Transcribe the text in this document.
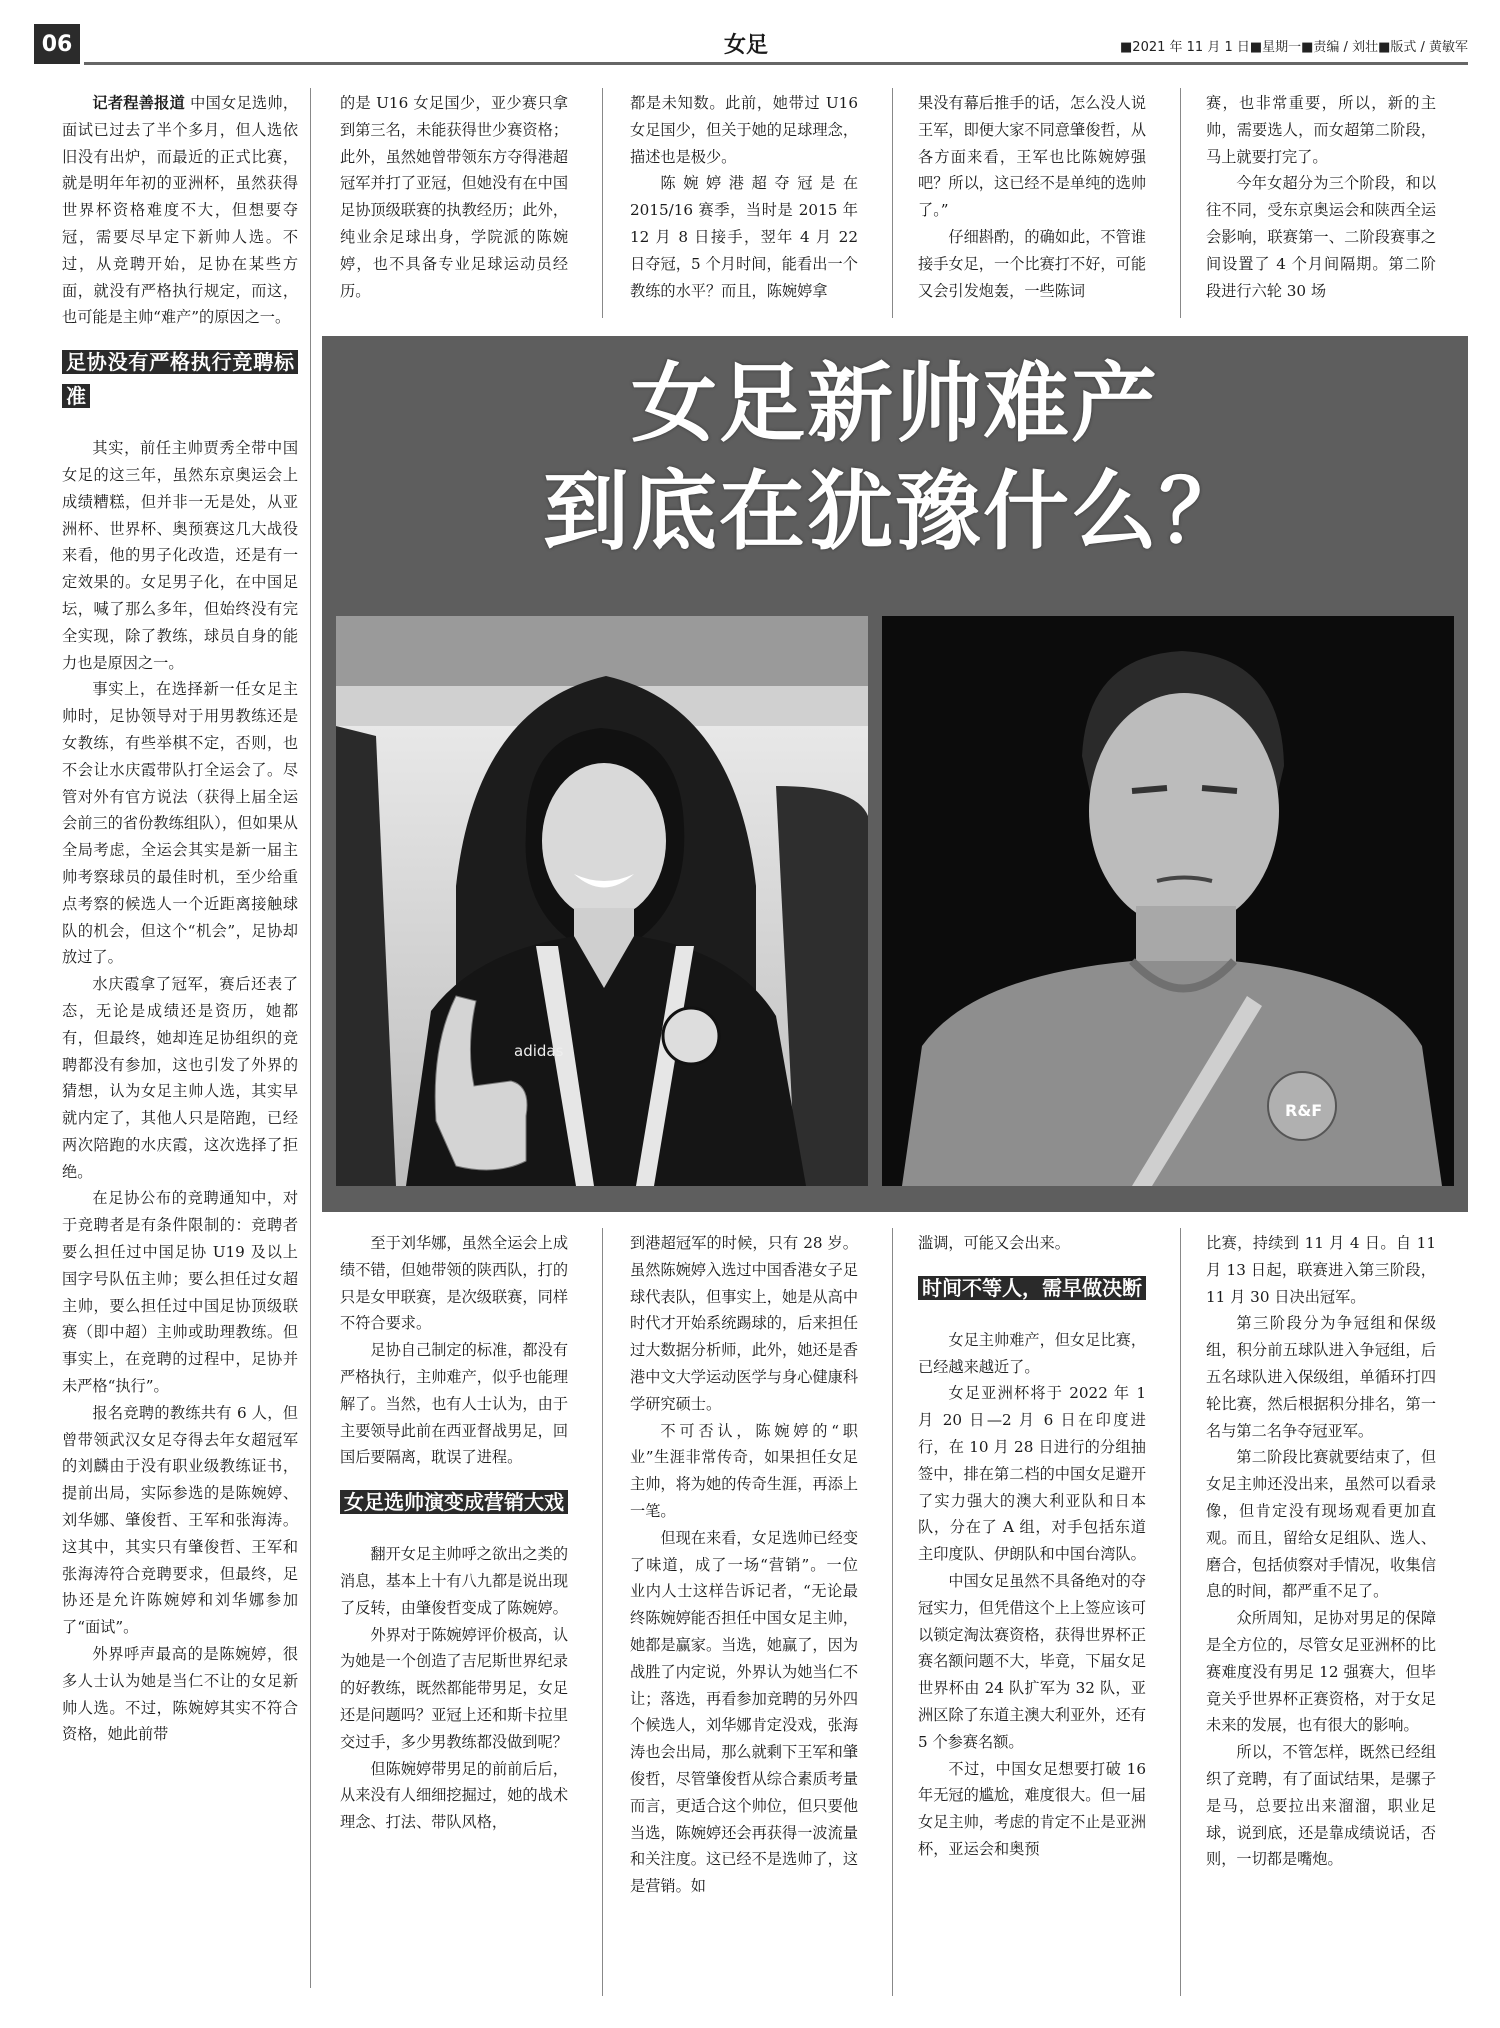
06	女足	■2021 年 11 月 1 日■星期一■责编 / 刘壮■版式 / 黄敏军

记者程善报道 中国女足选帅，面试已过去了半个多月，但人选依旧没有出炉，而最近的正式比赛，就是明年年初的亚洲杯，虽然获得世界杯资格难度不大，但想要夺冠，需要尽早定下新帅人选。不过，从竞聘开始，足协在某些方面，就没有严格执行规定，而这，也可能是主帅“难产”的原因之一。

足协没有严格执行竞聘标准

其实，前任主帅贾秀全带中国女足的这三年，虽然东京奥运会上成绩糟糕，但并非一无是处，从亚洲杯、世界杯、奥预赛这几大战役来看，他的男子化改造，还是有一定效果的。女足男子化，在中国足坛，喊了那么多年，但始终没有完全实现，除了教练，球员自身的能力也是原因之一。

事实上，在选择新一任女足主帅时，足协领导对于用男教练还是女教练，有些举棋不定，否则，也不会让水庆霞带队打全运会了。尽管对外有官方说法（获得上届全运会前三的省份教练组队），但如果从全局考虑，全运会其实是新一届主帅考察球员的最佳时机，至少给重点考察的候选人一个近距离接触球队的机会，但这个“机会”，足协却放过了。

水庆霞拿了冠军，赛后还表了态，无论是成绩还是资历，她都有，但最终，她却连足协组织的竞聘都没有参加，这也引发了外界的猜想，认为女足主帅人选，其实早就内定了，其他人只是陪跑，已经两次陪跑的水庆霞，这次选择了拒绝。

在足协公布的竞聘通知中，对于竞聘者是有条件限制的：竞聘者要么担任过中国足协 U19 及以上国字号队伍主帅；要么担任过女超主帅，要么担任过中国足协顶级联赛（即中超）主帅或助理教练。但事实上，在竞聘的过程中，足协并未严格“执行”。

报名竞聘的教练共有 6 人，但曾带领武汉女足夺得去年女超冠军的刘麟由于没有职业级教练证书，提前出局，实际参选的是陈婉婷、刘华娜、肇俊哲、王军和张海涛。这其中，其实只有肇俊哲、王军和张海涛符合竞聘要求，但最终，足协还是允许陈婉婷和刘华娜参加了“面试”。

外界呼声最高的是陈婉婷，很多人士认为她是当仁不让的女足新帅人选。不过，陈婉婷其实不符合资格，她此前带

的是 U16 女足国少，亚少赛只拿到第三名，未能获得世少赛资格；此外，虽然她曾带领东方夺得港超冠军并打了亚冠，但她没有在中国足协顶级联赛的执教经历；此外，纯业余足球出身，学院派的陈婉婷，也不具备专业足球运动员经历。

都是未知数。此前，她带过 U16 女足国少，但关于她的足球理念，描述也是极少。

陈婉婷港超夺冠是在 2015/16 赛季，当时是 2015 年 12 月 8 日接手，翌年 4 月 22 日夺冠，5 个月时间，能看出一个教练的水平？而且，陈婉婷拿

果没有幕后推手的话，怎么没人说王军，即便大家不同意肇俊哲，从各方面来看，王军也比陈婉婷强吧？所以，这已经不是单纯的选帅了。”

仔细斟酌，的确如此，不管谁接手女足，一个比赛打不好，可能又会引发炮轰，一些陈词

赛，也非常重要，所以，新的主帅，需要选人，而女超第二阶段，马上就要打完了。

今年女超分为三个阶段，和以往不同，受东京奥运会和陕西全运会影响，联赛第一、二阶段赛事之间设置了 4 个月间隔期。第二阶段进行六轮 30 场

女足新帅难产
到底在犹豫什么？
adidas
R&F

至于刘华娜，虽然全运会上成绩不错，但她带领的陕西队，打的只是女甲联赛，是次级联赛，同样不符合要求。

足协自己制定的标准，都没有严格执行，主帅难产，似乎也能理解了。当然，也有人士认为，由于主要领导此前在西亚督战男足，回国后要隔离，耽误了进程。

女足选帅演变成营销大戏

翻开女足主帅呼之欲出之类的消息，基本上十有八九都是说出现了反转，由肇俊哲变成了陈婉婷。

外界对于陈婉婷评价极高，认为她是一个创造了吉尼斯世界纪录的好教练，既然都能带男足，女足还是问题吗？亚冠上还和斯卡拉里交过手，多少男教练都没做到呢？

但陈婉婷带男足的前前后后，从来没有人细细挖掘过，她的战术理念、打法、带队风格，

到港超冠军的时候，只有 28 岁。虽然陈婉婷入选过中国香港女子足球代表队，但事实上，她是从高中时代才开始系统踢球的，后来担任过大数据分析师，此外，她还是香港中文大学运动医学与身心健康科学研究硕士。

不可否认，陈婉婷的“职业”生涯非常传奇，如果担任女足主帅，将为她的传奇生涯，再添上一笔。

但现在来看，女足选帅已经变了味道，成了一场“营销”。一位业内人士这样告诉记者，“无论最终陈婉婷能否担任中国女足主帅，她都是赢家。当选，她赢了，因为战胜了内定说，外界认为她当仁不让；落选，再看参加竞聘的另外四个候选人，刘华娜肯定没戏，张海涛也会出局，那么就剩下王军和肇俊哲，尽管肇俊哲从综合素质考量而言，更适合这个帅位，但只要他当选，陈婉婷还会再获得一波流量和关注度。这已经不是选帅了，这是营销。如

滥调，可能又会出来。

时间不等人，需早做决断

女足主帅难产，但女足比赛，已经越来越近了。

女足亚洲杯将于 2022 年 1 月 20 日—2 月 6 日在印度进行，在 10 月 28 日进行的分组抽签中，排在第二档的中国女足避开了实力强大的澳大利亚队和日本队，分在了 A 组，对手包括东道主印度队、伊朗队和中国台湾队。

中国女足虽然不具备绝对的夺冠实力，但凭借这个上上签应该可以锁定淘汰赛资格，获得世界杯正赛名额问题不大，毕竟，下届女足世界杯由 24 队扩军为 32 队，亚洲区除了东道主澳大利亚外，还有 5 个参赛名额。

不过，中国女足想要打破 16 年无冠的尴尬，难度很大。但一届女足主帅，考虑的肯定不止是亚洲杯，亚运会和奥预

比赛，持续到 11 月 4 日。自 11 月 13 日起，联赛进入第三阶段，11 月 30 日决出冠军。

第三阶段分为争冠组和保级组，积分前五球队进入争冠组，后五名球队进入保级组，单循环打四轮比赛，然后根据积分排名，第一名与第二名争夺冠亚军。

第二阶段比赛就要结束了，但女足主帅还没出来，虽然可以看录像，但肯定没有现场观看更加直观。而且，留给女足组队、选人、磨合，包括侦察对手情况，收集信息的时间，都严重不足了。

众所周知，足协对男足的保障是全方位的，尽管女足亚洲杯的比赛难度没有男足 12 强赛大，但毕竟关乎世界杯正赛资格，对于女足未来的发展，也有很大的影响。

所以，不管怎样，既然已经组织了竞聘，有了面试结果，是骡子是马，总要拉出来溜溜，职业足球，说到底，还是靠成绩说话，否则，一切都是嘴炮。
